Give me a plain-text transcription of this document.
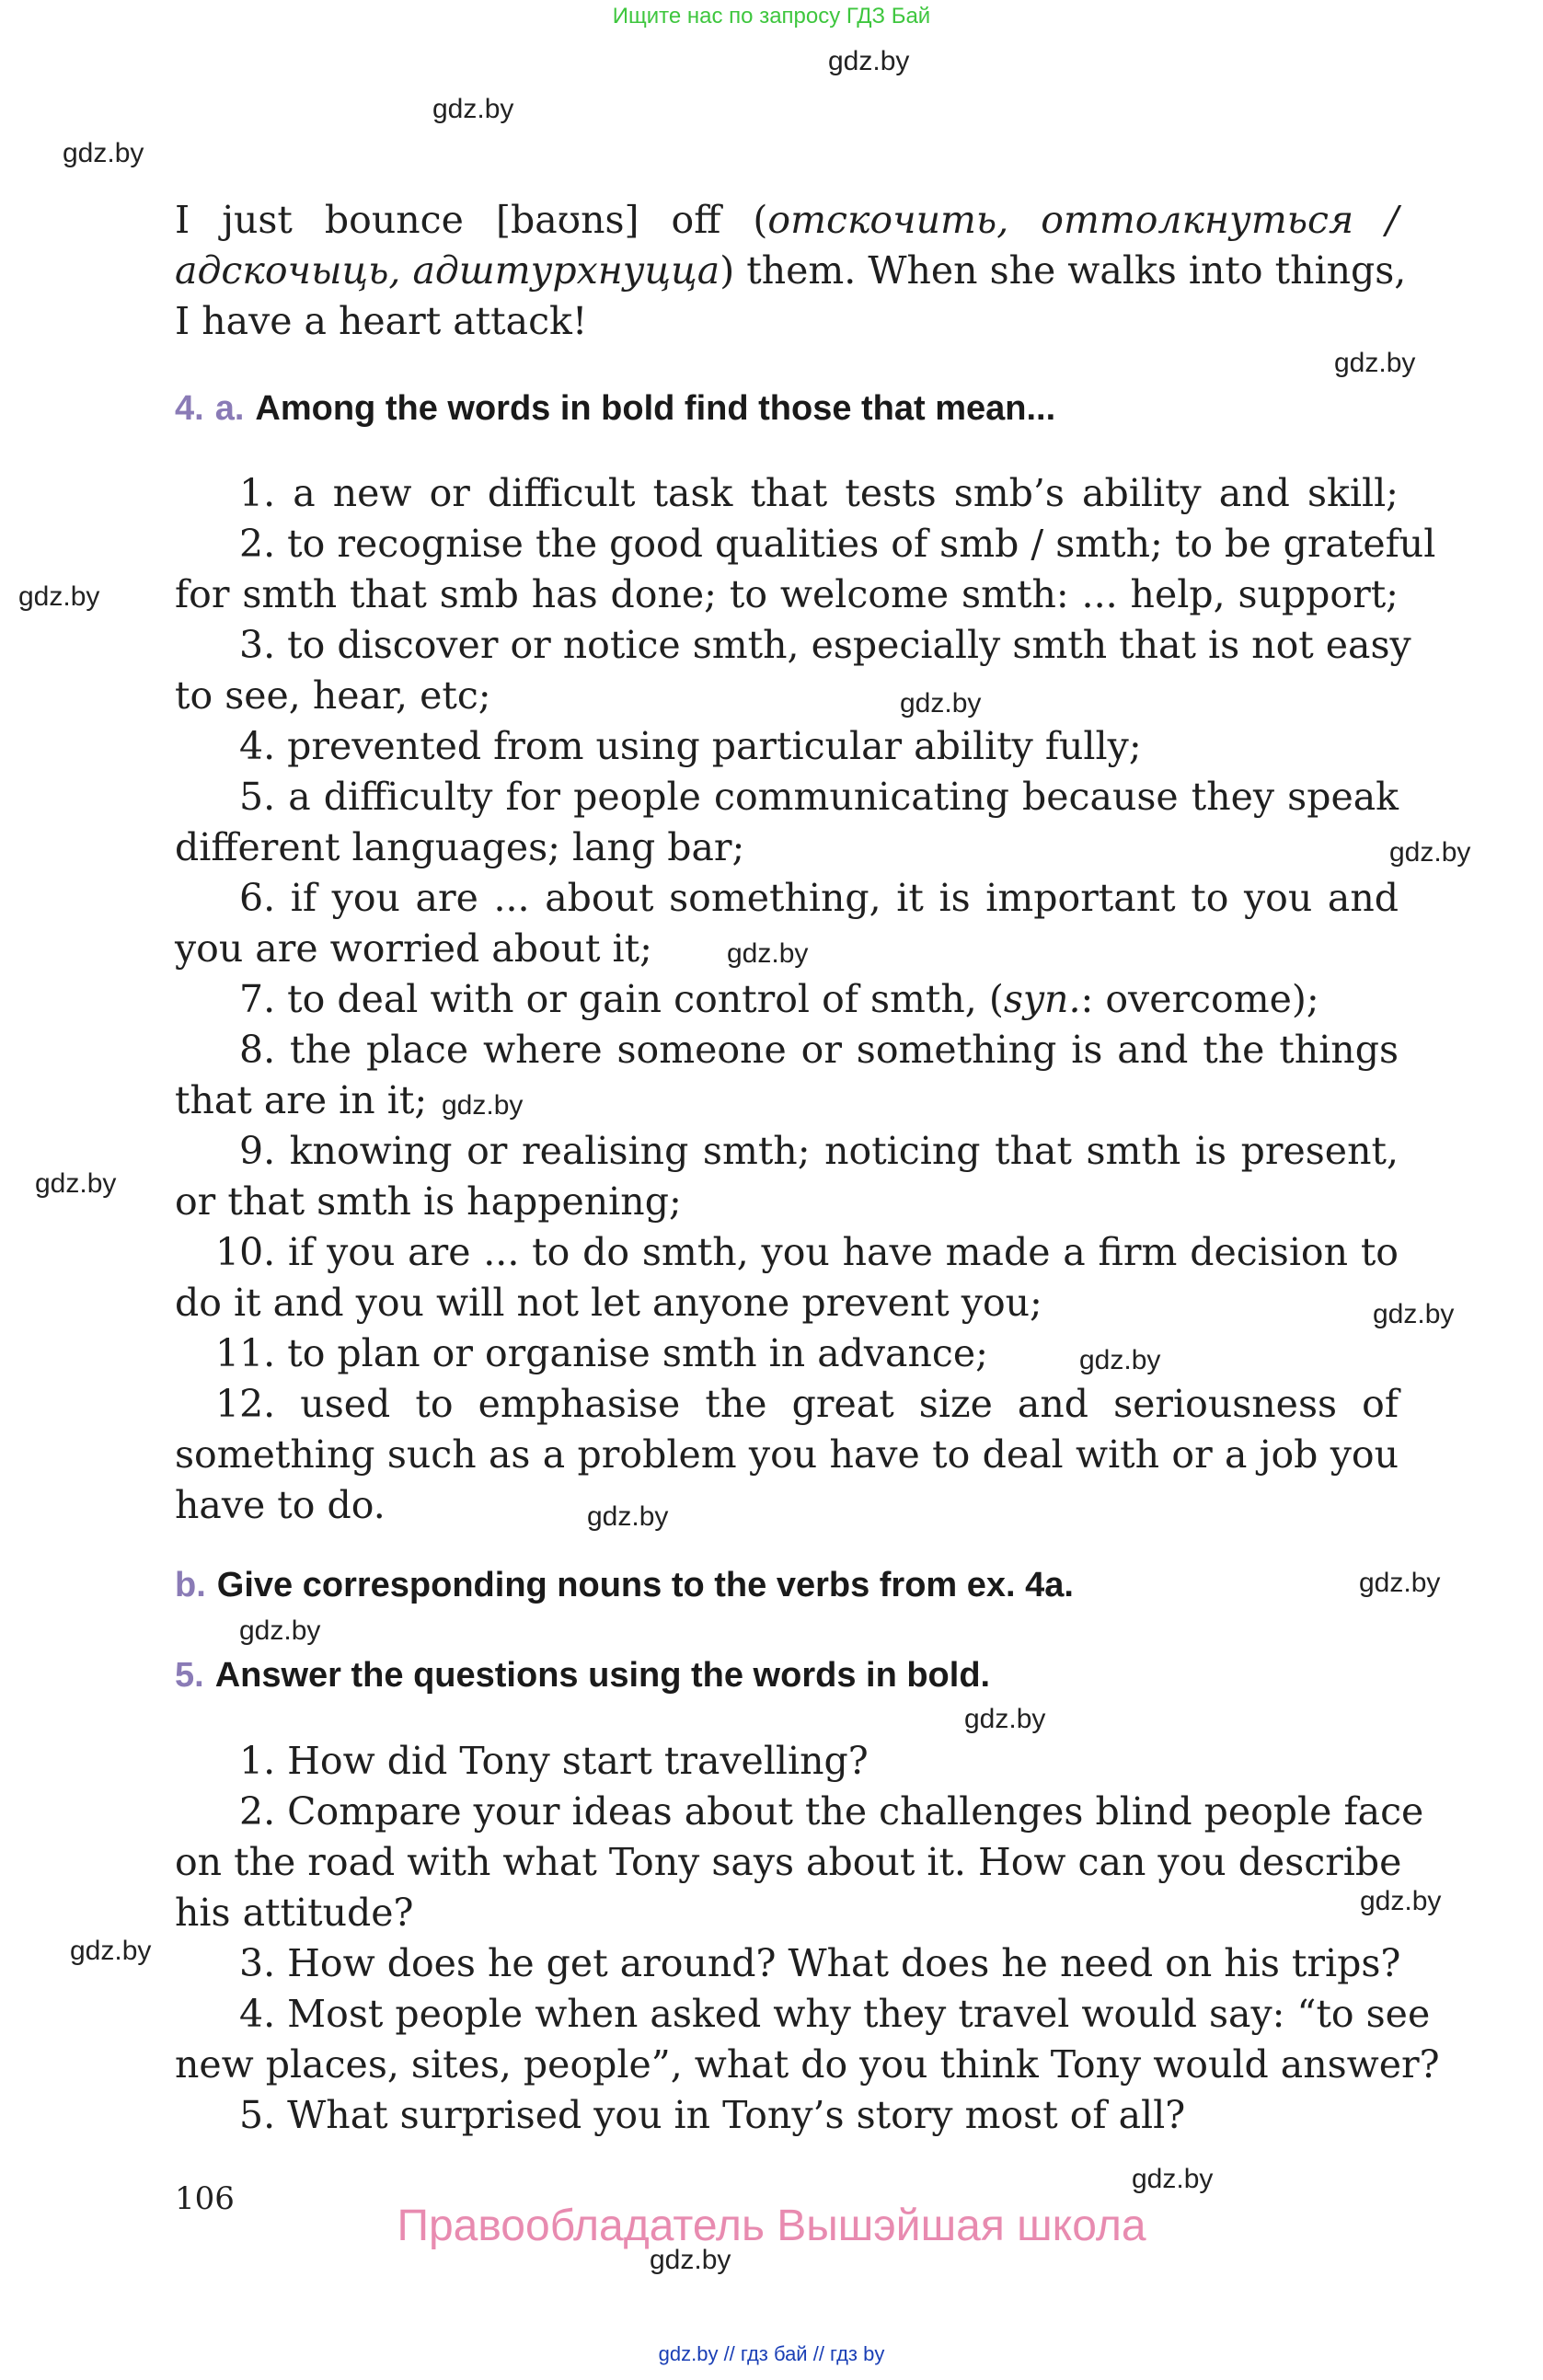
Ищите нас по запросу ГДЗ Бай
gdz.by
gdz.by
gdz.by
gdz.by
gdz.by
gdz.by
gdz.by
gdz.by
gdz.by
gdz.by
gdz.by
gdz.by
gdz.by
gdz.by
gdz.by
gdz.by
gdz.by
gdz.by
gdz.by
gdz.by
I just bounce [baʊns] off (отскочить, оттолкнуться /
адскочыць, адштурхнуцца) them. When she walks into things,
I have a heart attack!
4. a. Among the words in bold find those that mean...
1. a new or difficult task that tests smb’s ability and skill;
2. to recognise the good qualities of smb / smth; to be grateful
for smth that smb has done; to welcome smth: ... help, support;
3. to discover or notice smth, especially smth that is not easy
to see, hear, etc;
4. prevented from using particular ability fully;
5. a difficulty for people communicating because they speak
different languages; lang bar;
6. if you are ... about something, it is important to you and
you are worried about it;
7. to deal with or gain control of smth, (syn.: overcome);
8. the place where someone or something is and the things
that are in it;
9. knowing or realising smth; noticing that smth is present,
or that smth is happening;
10. if you are ... to do smth, you have made a firm decision to
do it and you will not let anyone prevent you;
11. to plan or organise smth in advance;
12. used to emphasise the great size and seriousness of
something such as a problem you have to deal with or a job you
have to do.
b. Give corresponding nouns to the verbs from ex. 4a.
5. Answer the questions using the words in bold.
1. How did Tony start travelling?
2. Compare your ideas about the challenges blind people face
on the road with what Tony says about it. How can you describe
his attitude?
3. How does he get around? What does he need on his trips?
4. Most people when asked why they travel would say: “to see
new places, sites, people”, what do you think Tony would answer?
5. What surprised you in Tony’s story most of all?
106
Правообладатель Вышэйшая школа
gdz.by // гдз бай // гдз by
